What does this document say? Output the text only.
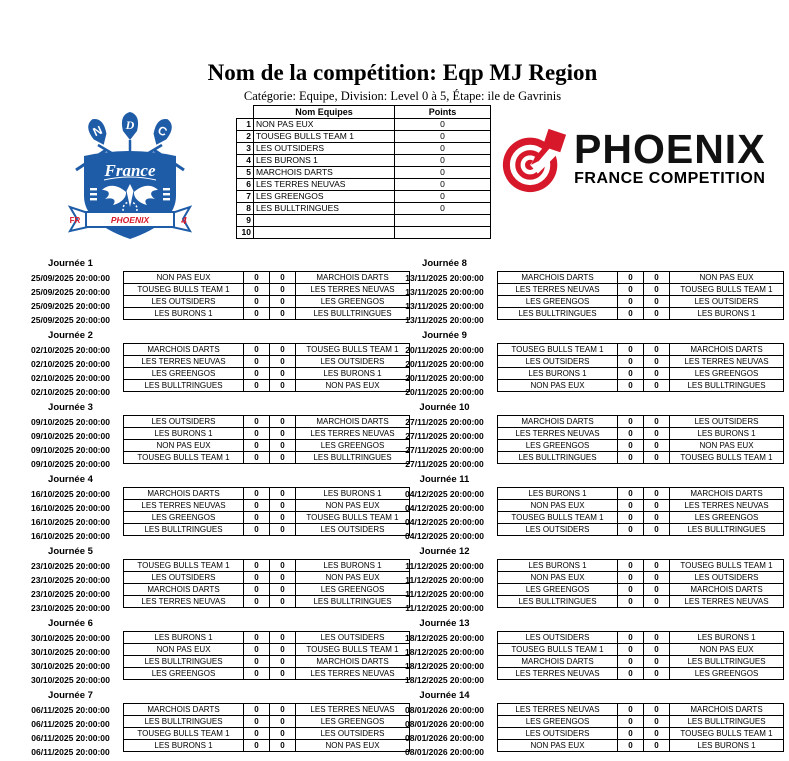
Nom de la compétition: Eqp MJ Region
Catégorie: Equipe, Division: Level 0 à 5, Étape: ile de Gavrinis
N D C
France
FR	4
PHOENIX
	Nom Equipes	Points
1	NON PAS EUX	0
2	TOUSEG BULLS TEAM 1	0
3	LES OUTSIDERS	0
4	LES BURONS 1	0
5	MARCHOIS DARTS	0
6	LES TERRES NEUVAS	0
7	LES GREENGOS	0
8	LES BULLTRINGUES	0
9		
10		
PHOENIX
FRANCE COMPETITION
Journée 1
25/09/2025 20:00:00
25/09/2025 20:00:00
25/09/2025 20:00:00
25/09/2025 20:00:00
NON PAS EUX	0	0	MARCHOIS DARTS
TOUSEG BULLS TEAM 1	0	0	LES TERRES NEUVAS
LES OUTSIDERS	0	0	LES GREENGOS
LES BURONS 1	0	0	LES BULLTRINGUES
Journée 2
02/10/2025 20:00:00
02/10/2025 20:00:00
02/10/2025 20:00:00
02/10/2025 20:00:00
MARCHOIS DARTS	0	0	TOUSEG BULLS TEAM 1
LES TERRES NEUVAS	0	0	LES OUTSIDERS
LES GREENGOS	0	0	LES BURONS 1
LES BULLTRINGUES	0	0	NON PAS EUX
Journée 3
09/10/2025 20:00:00
09/10/2025 20:00:00
09/10/2025 20:00:00
09/10/2025 20:00:00
LES OUTSIDERS	0	0	MARCHOIS DARTS
LES BURONS 1	0	0	LES TERRES NEUVAS
NON PAS EUX	0	0	LES GREENGOS
TOUSEG BULLS TEAM 1	0	0	LES BULLTRINGUES
Journée 4
16/10/2025 20:00:00
16/10/2025 20:00:00
16/10/2025 20:00:00
16/10/2025 20:00:00
MARCHOIS DARTS	0	0	LES BURONS 1
LES TERRES NEUVAS	0	0	NON PAS EUX
LES GREENGOS	0	0	TOUSEG BULLS TEAM 1
LES BULLTRINGUES	0	0	LES OUTSIDERS
Journée 5
23/10/2025 20:00:00
23/10/2025 20:00:00
23/10/2025 20:00:00
23/10/2025 20:00:00
TOUSEG BULLS TEAM 1	0	0	LES BURONS 1
LES OUTSIDERS	0	0	NON PAS EUX
MARCHOIS DARTS	0	0	LES GREENGOS
LES TERRES NEUVAS	0	0	LES BULLTRINGUES
Journée 6
30/10/2025 20:00:00
30/10/2025 20:00:00
30/10/2025 20:00:00
30/10/2025 20:00:00
LES BURONS 1	0	0	LES OUTSIDERS
NON PAS EUX	0	0	TOUSEG BULLS TEAM 1
LES BULLTRINGUES	0	0	MARCHOIS DARTS
LES GREENGOS	0	0	LES TERRES NEUVAS
Journée 7
06/11/2025 20:00:00
06/11/2025 20:00:00
06/11/2025 20:00:00
06/11/2025 20:00:00
MARCHOIS DARTS	0	0	LES TERRES NEUVAS
LES BULLTRINGUES	0	0	LES GREENGOS
TOUSEG BULLS TEAM 1	0	0	LES OUTSIDERS
LES BURONS 1	0	0	NON PAS EUX
Journée 8
13/11/2025 20:00:00
13/11/2025 20:00:00
13/11/2025 20:00:00
13/11/2025 20:00:00
MARCHOIS DARTS	0	0	NON PAS EUX
LES TERRES NEUVAS	0	0	TOUSEG BULLS TEAM 1
LES GREENGOS	0	0	LES OUTSIDERS
LES BULLTRINGUES	0	0	LES BURONS 1
Journée 9
20/11/2025 20:00:00
20/11/2025 20:00:00
20/11/2025 20:00:00
20/11/2025 20:00:00
TOUSEG BULLS TEAM 1	0	0	MARCHOIS DARTS
LES OUTSIDERS	0	0	LES TERRES NEUVAS
LES BURONS 1	0	0	LES GREENGOS
NON PAS EUX	0	0	LES BULLTRINGUES
Journée 10
27/11/2025 20:00:00
27/11/2025 20:00:00
27/11/2025 20:00:00
27/11/2025 20:00:00
MARCHOIS DARTS	0	0	LES OUTSIDERS
LES TERRES NEUVAS	0	0	LES BURONS 1
LES GREENGOS	0	0	NON PAS EUX
LES BULLTRINGUES	0	0	TOUSEG BULLS TEAM 1
Journée 11
04/12/2025 20:00:00
04/12/2025 20:00:00
04/12/2025 20:00:00
04/12/2025 20:00:00
LES BURONS 1	0	0	MARCHOIS DARTS
NON PAS EUX	0	0	LES TERRES NEUVAS
TOUSEG BULLS TEAM 1	0	0	LES GREENGOS
LES OUTSIDERS	0	0	LES BULLTRINGUES
Journée 12
11/12/2025 20:00:00
11/12/2025 20:00:00
11/12/2025 20:00:00
11/12/2025 20:00:00
LES BURONS 1	0	0	TOUSEG BULLS TEAM 1
NON PAS EUX	0	0	LES OUTSIDERS
LES GREENGOS	0	0	MARCHOIS DARTS
LES BULLTRINGUES	0	0	LES TERRES NEUVAS
Journée 13
18/12/2025 20:00:00
18/12/2025 20:00:00
18/12/2025 20:00:00
18/12/2025 20:00:00
LES OUTSIDERS	0	0	LES BURONS 1
TOUSEG BULLS TEAM 1	0	0	NON PAS EUX
MARCHOIS DARTS	0	0	LES BULLTRINGUES
LES TERRES NEUVAS	0	0	LES GREENGOS
Journée 14
08/01/2026 20:00:00
08/01/2026 20:00:00
08/01/2026 20:00:00
08/01/2026 20:00:00
LES TERRES NEUVAS	0	0	MARCHOIS DARTS
LES GREENGOS	0	0	LES BULLTRINGUES
LES OUTSIDERS	0	0	TOUSEG BULLS TEAM 1
NON PAS EUX	0	0	LES BURONS 1
